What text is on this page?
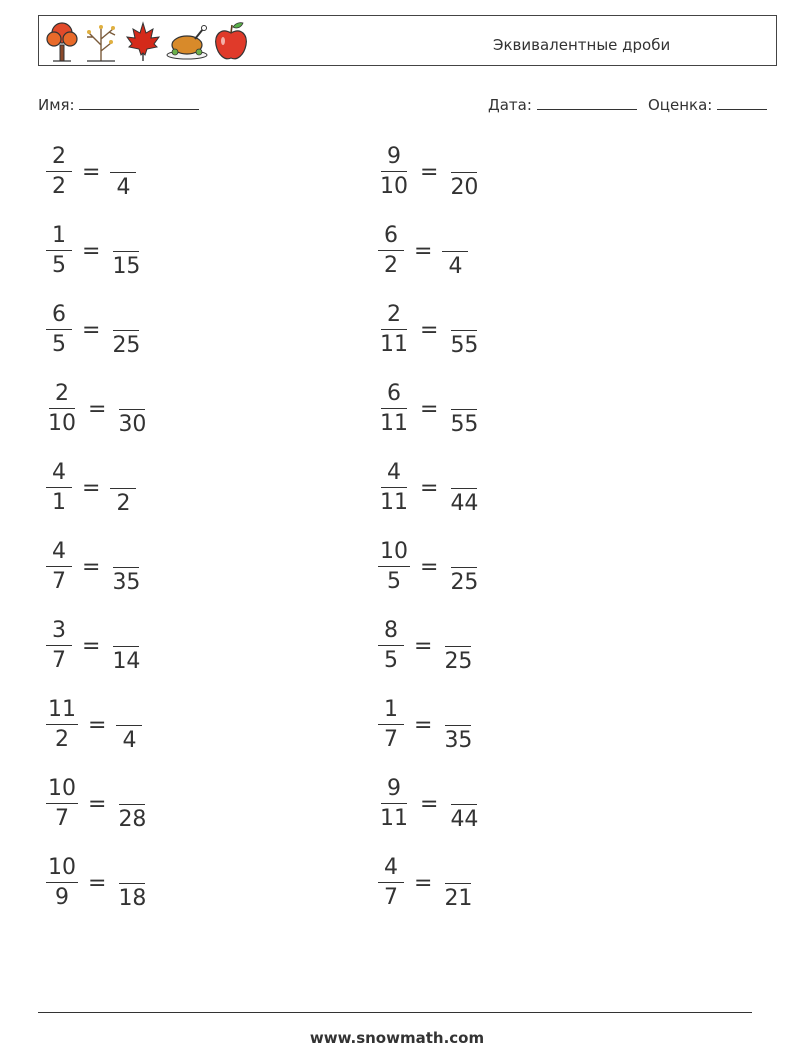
Эквивалентные дроби
Имя:	Дата:	Оценка:
$\frac{2}{2}$ =
4
$\frac{1}{5}$ =
15
$\frac{6}{5}$ =
25
$\frac{2}{10}$ =
30
$\frac{4}{1}$ =
2
$\frac{4}{7}$ =
35
$\frac{3}{7}$ =
14
$\frac{11}{2}$ =
4
$\frac{10}{7}$ =
28
$\frac{10}{9}$ =
18
$\frac{9}{10}$ =
20
$\frac{6}{2}$ =
4
$\frac{2}{11}$ =
55
$\frac{6}{11}$ =
55
$\frac{4}{11}$ =
44
$\frac{10}{5}$ =
25
$\frac{8}{5}$ =
25
$\frac{1}{7}$ =
35
$\frac{9}{11}$ =
44
$\frac{4}{7}$ =
21
www.snowmath.com
